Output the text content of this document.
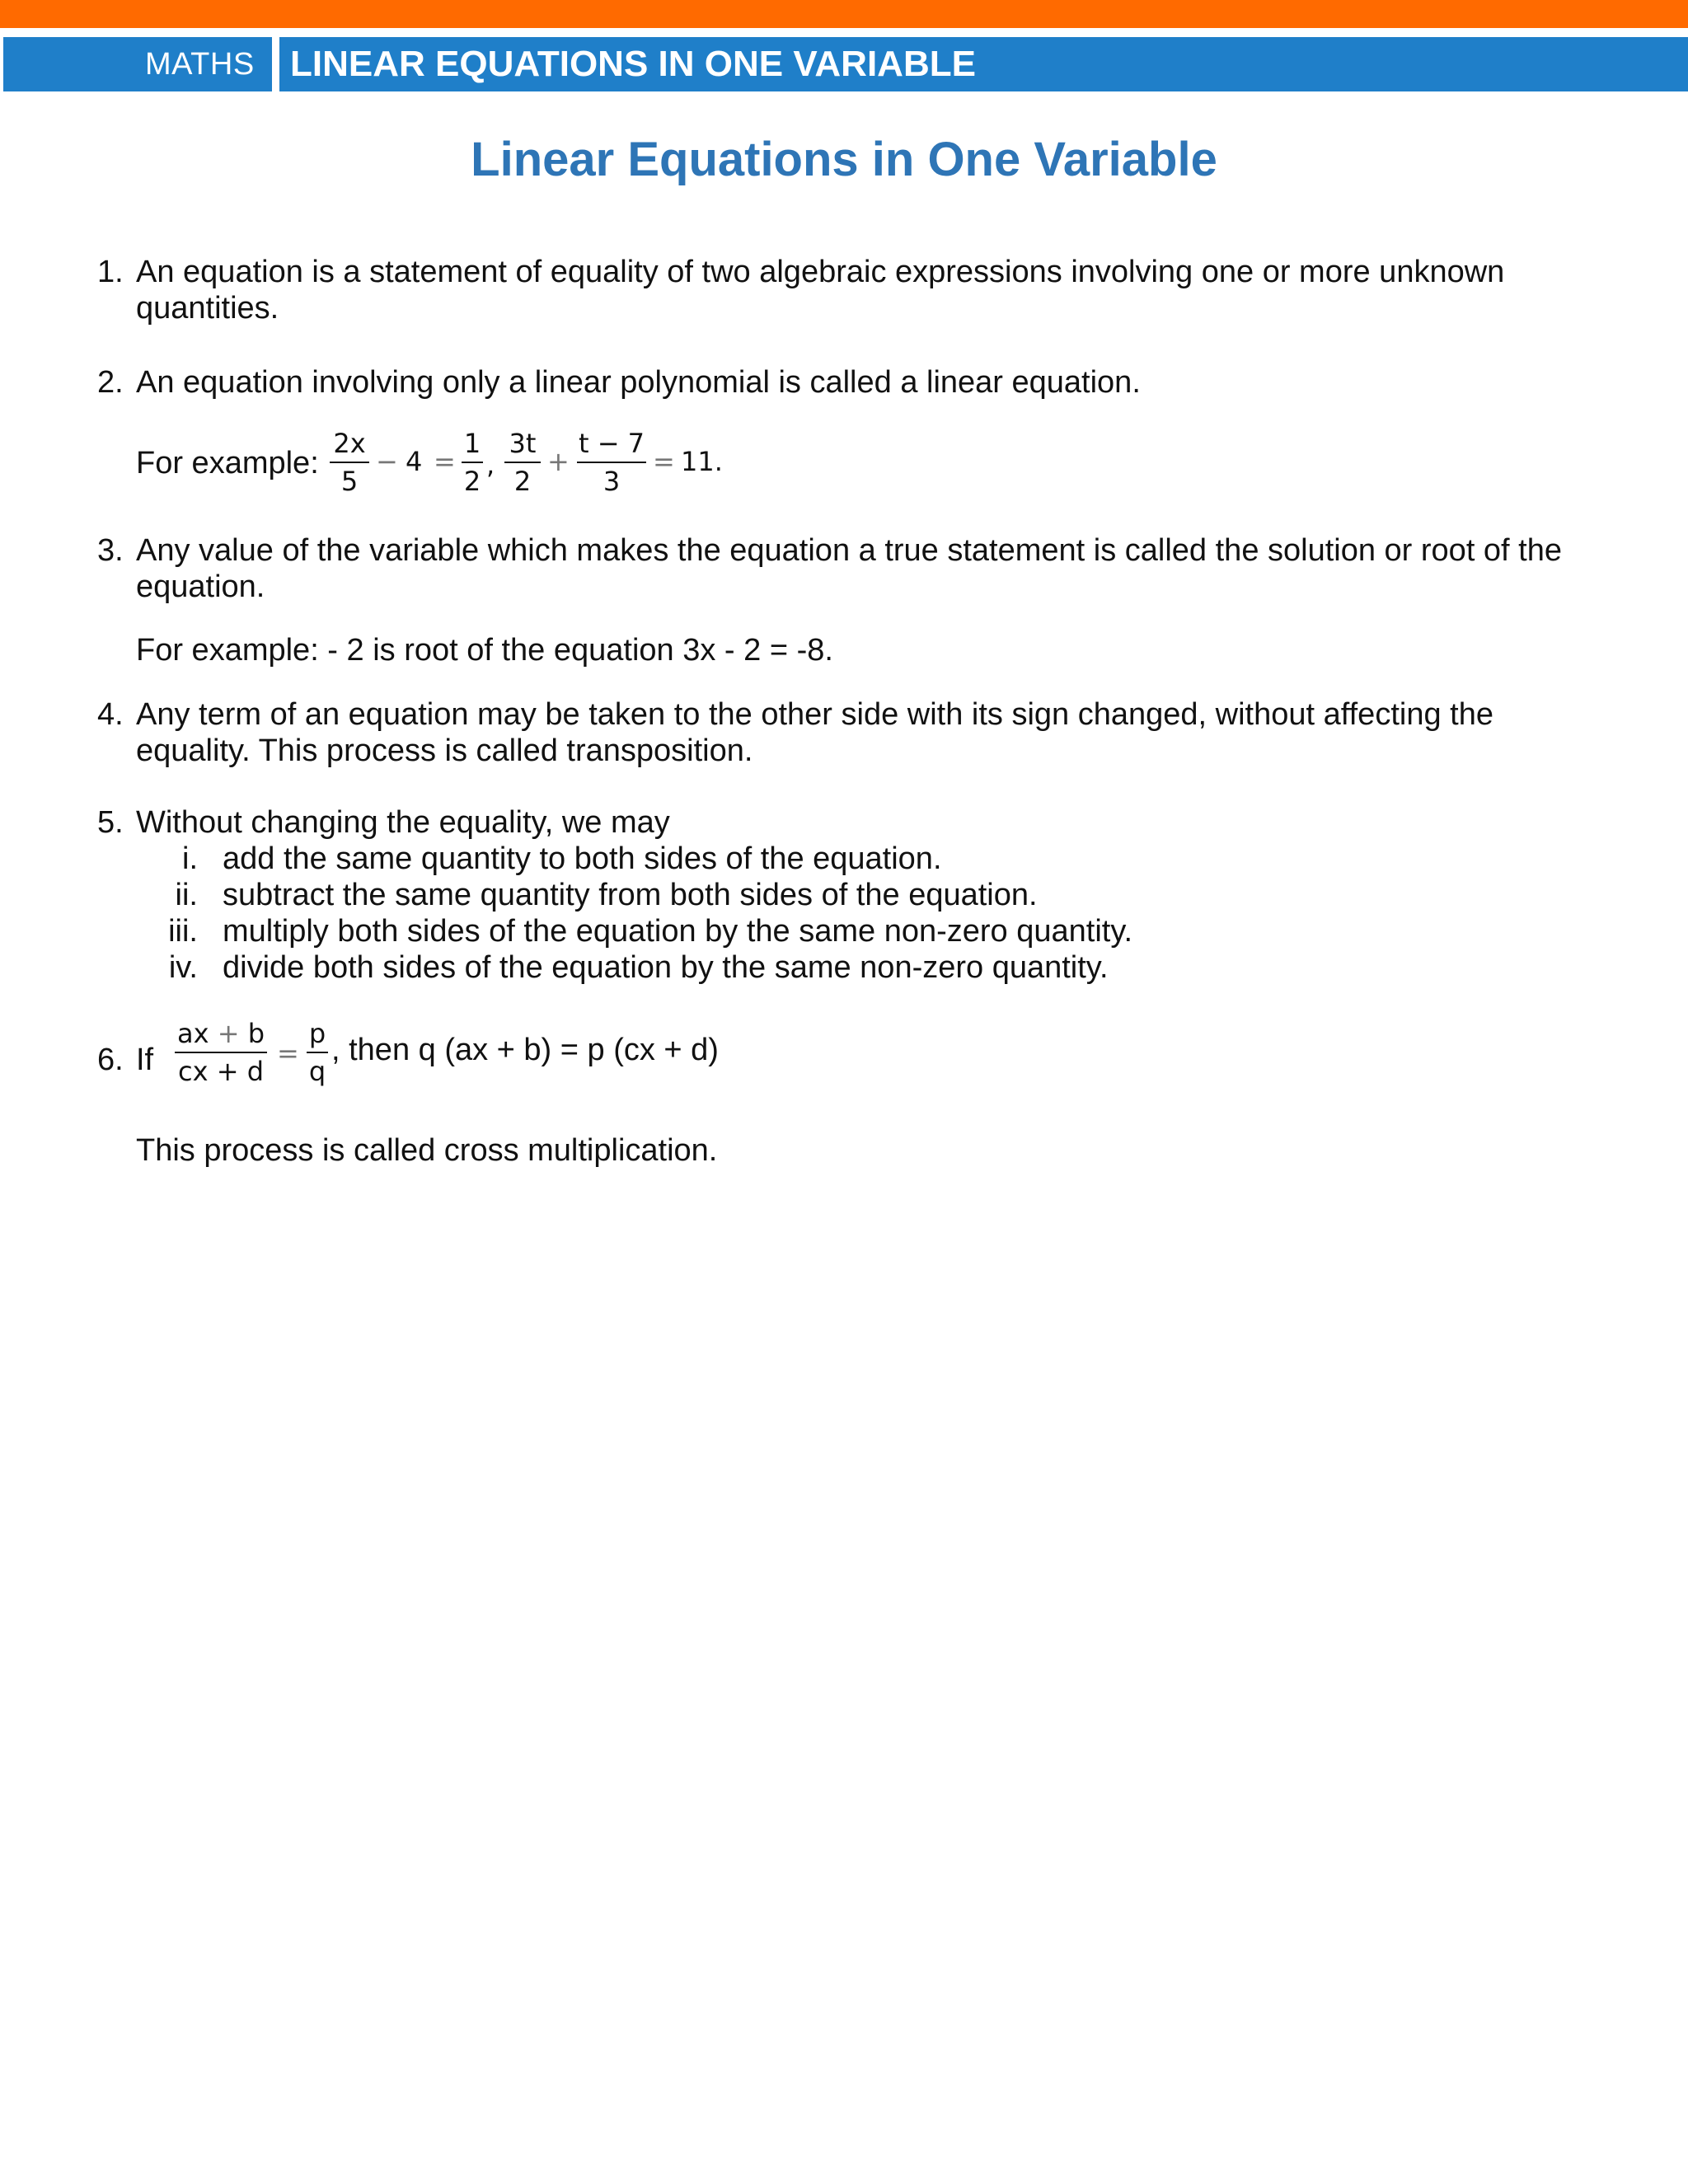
MATHS LINEAR EQUATIONS IN ONE VARIABLE
Linear Equations in One Variable
1. An equation is a statement of equality of two algebraic expressions involving one or more unknown
quantities.
2. An equation involving only a linear polynomial is called a linear equation.
For example:
2x
5
− 4 =
1
2
,
3t
2
+
t − 7
3
= 11.
3. Any value of the variable which makes the equation a true statement is called the solution or root of the
equation.
For example: - 2 is root of the equation 3x - 2 = -8.
4. Any term of an equation may be taken to the other side with its sign changed, without affecting the
equality. This process is called transposition.
5. Without changing the equality, we may
i. add the same quantity to both sides of the equation.
ii. subtract the same quantity from both sides of the equation.
iii. multiply both sides of the equation by the same non-zero quantity.
iv. divide both sides of the equation by the same non-zero quantity.
6. If
ax + b
cx + d
=
p
q
, then q (ax + b) = p (cx + d)
This process is called cross multiplication.
